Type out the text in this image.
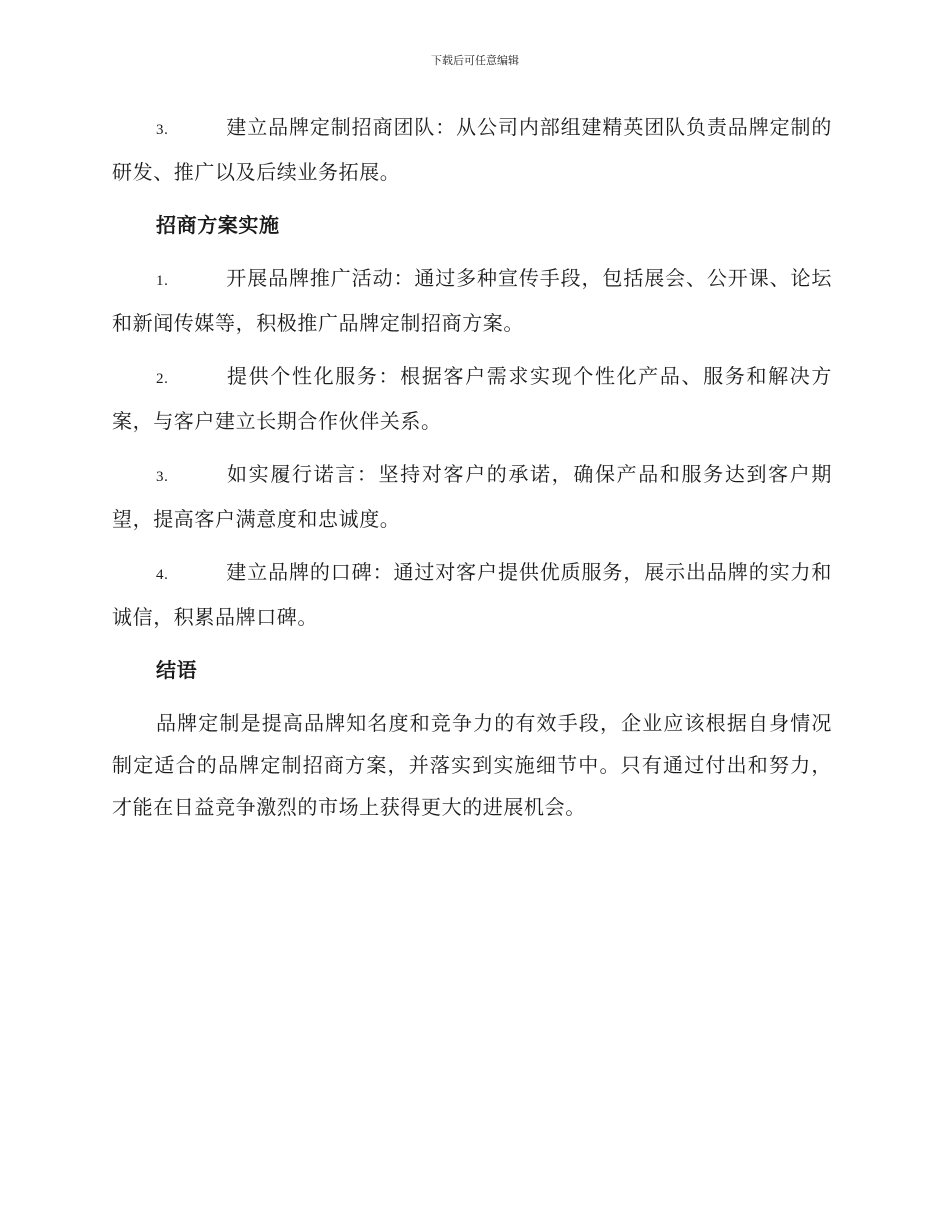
下载后可任意编辑

3.	建立品牌定制招商团队：从公司内部组建精英团队负责品牌定制的研发、推广以及后续业务拓展。

招商方案实施

1.	开展品牌推广活动：通过多种宣传手段，包括展会、公开课、论坛和新闻传媒等，积极推广品牌定制招商方案。

2.	提供个性化服务：根据客户需求实现个性化产品、服务和解决方案，与客户建立长期合作伙伴关系。

3.	如实履行诺言：坚持对客户的承诺，确保产品和服务达到客户期望，提高客户满意度和忠诚度。

4.	建立品牌的口碑：通过对客户提供优质服务，展示出品牌的实力和诚信，积累品牌口碑。

结语

品牌定制是提高品牌知名度和竞争力的有效手段，企业应该根据自身情况制定适合的品牌定制招商方案，并落实到实施细节中。只有通过付出和努力，才能在日益竞争激烈的市场上获得更大的进展机会。
